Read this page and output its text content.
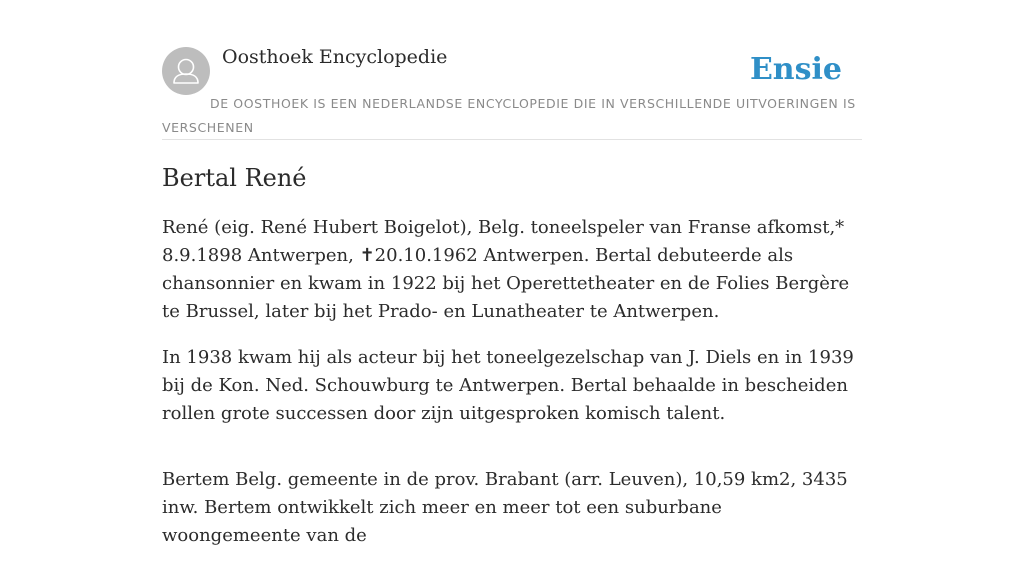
Oosthoek Encyclopedie	Ensie
DE OOSTHOEK IS EEN NEDERLANDSE ENCYCLOPEDIE DIE IN VERSCHILLENDE UITVOERINGEN IS VERSCHENEN
Bertal René

René (eig. René Hubert Boigelot), Belg. toneelspeler van Franse afkomst,* 8.9.1898 Antwerpen, ✝20.10.1962 Antwerpen. Bertal debuteerde als chansonnier en kwam in 1922 bij het Operettetheater en de Folies Bergère te Brussel, later bij het Prado- en Lunatheater te Antwerpen.

In 1938 kwam hij als acteur bij het toneelgezelschap van J. Diels en in 1939 bij de Kon. Ned. Schouwburg te Antwerpen. Bertal behaalde in bescheiden rollen grote successen door zijn uitgesproken komisch talent.

Bertem Belg. gemeente in de prov. Brabant (arr. Leuven), 10,59 km2, 3435 inw. Bertem ontwikkelt zich meer en meer tot een suburbane woongemeente van de
